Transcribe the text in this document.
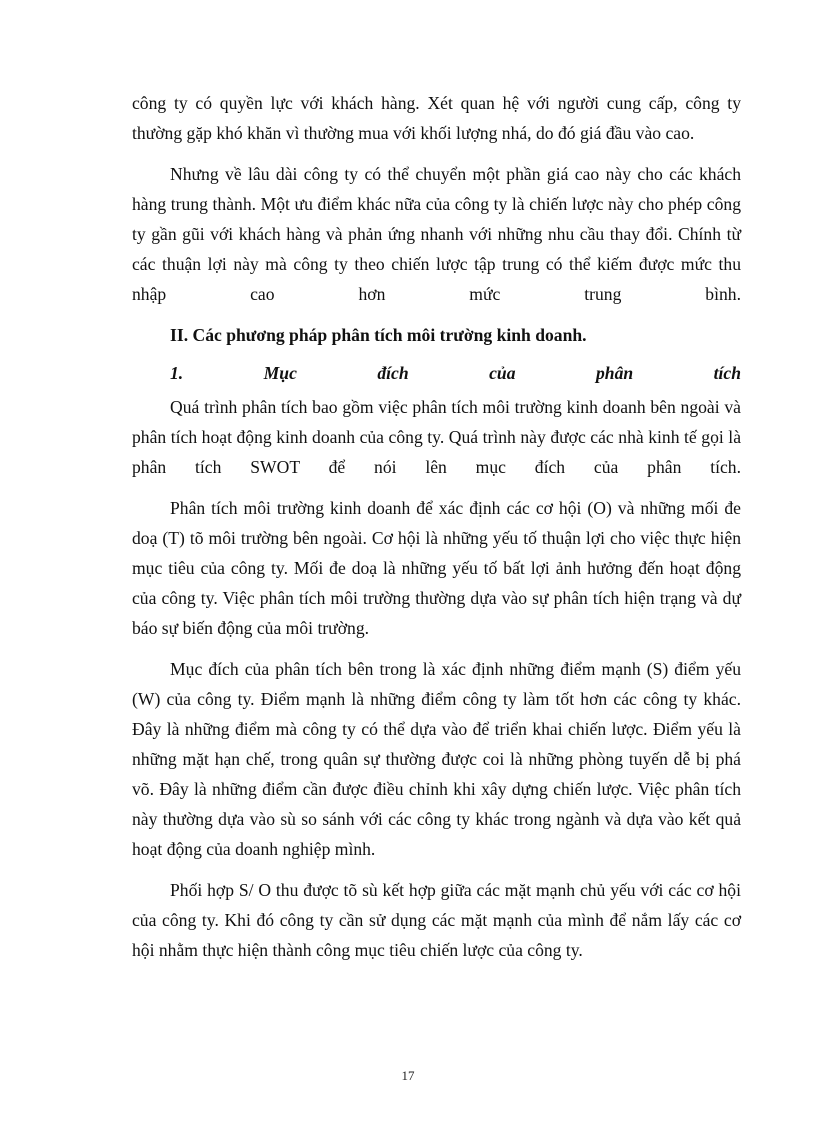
công ty có quyền lực với khách hàng. Xét quan hệ với người cung cấp, công ty thường gặp khó khăn vì thường mua với khối lượng nhá, do đó giá đầu vào cao.

Nhưng về lâu dài công ty có thể chuyển một phần giá cao này cho các khách hàng trung thành. Một ưu điểm khác nữa của công ty là chiến lược này cho phép công ty gần gũi với khách hàng và phản ứng nhanh với những nhu cầu thay đổi. Chính từ các thuận lợi này mà công ty theo chiến lược tập trung có thể kiếm được mức thu nhập cao hơn mức trung bình.

II. Các phương pháp phân tích môi trường kinh doanh.

1. Mục đích của phân tích

Quá trình phân tích bao gồm việc phân tích môi trường kinh doanh bên ngoài và phân tích hoạt động kinh doanh của công ty. Quá trình này được các nhà kinh tế gọi là phân tích SWOT để nói lên mục đích của phân tích.

Phân tích môi trường kinh doanh để xác định các cơ hội (O) và những mối đe doạ (T) tõ môi trường bên ngoài. Cơ hội là những yếu tố thuận lợi cho việc thực hiện mục tiêu của công ty. Mối đe doạ là những yếu tố bất lợi ảnh hưởng đến hoạt động của công ty. Việc phân tích môi trường thường dựa vào sự phân tích hiện trạng và dự báo sự biến động của môi trường.

Mục đích của phân tích bên trong là xác định những điểm mạnh (S) điểm yếu (W) của công ty. Điểm mạnh là những điểm công ty làm tốt hơn các công ty khác. Đây là những điểm mà công ty có thể dựa vào để triển khai chiến lược. Điểm yếu là những mặt hạn chế, trong quân sự thường được coi là những phòng tuyến dễ bị phá võ. Đây là những điểm cần được điều chỉnh khi xây dựng chiến lược. Việc phân tích này thường dựa vào sù so sánh với các công ty khác trong ngành và dựa vào kết quả hoạt động của doanh nghiệp mình.

Phối hợp S/ O thu được tõ sù kết hợp giữa các mặt mạnh chủ yếu với các cơ hội của công ty. Khi đó công ty cần sử dụng các mặt mạnh của mình để nắm lấy các cơ hội nhằm thực hiện thành công mục tiêu chiến lược của công ty.

17
